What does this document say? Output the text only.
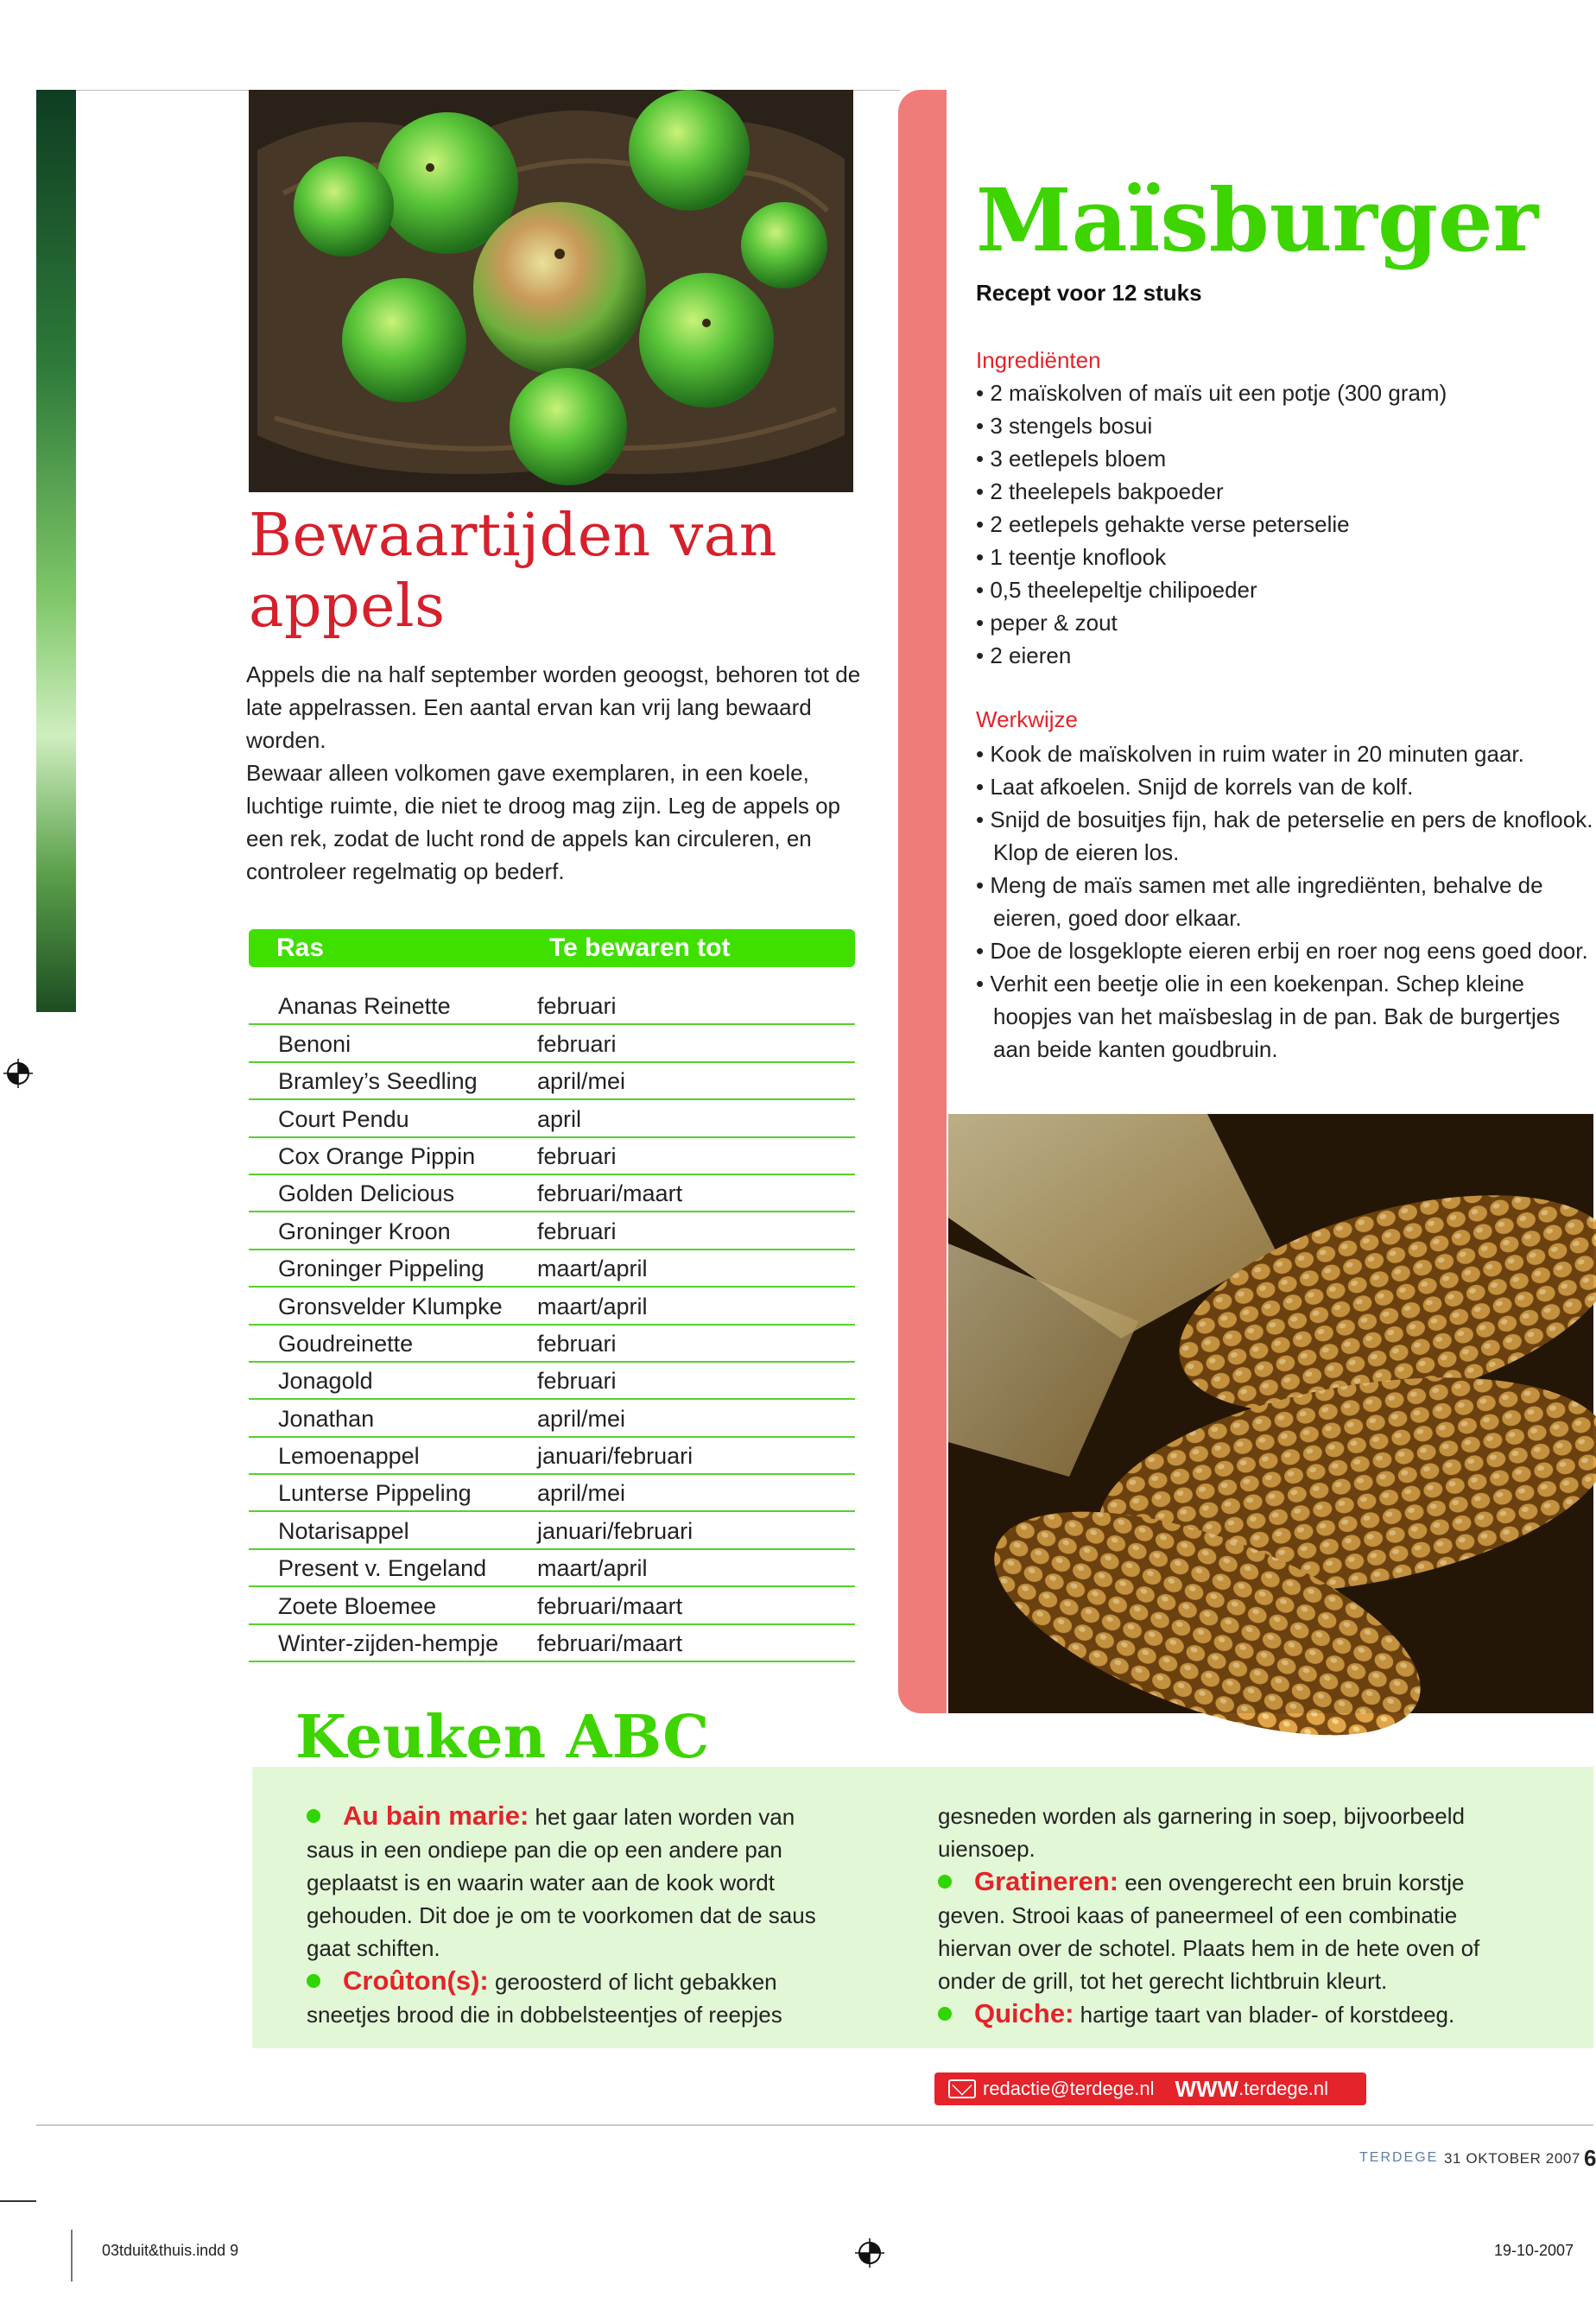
Bewaartijden van appels

Appels die na half september worden geoogst, behoren tot de late appelrassen. Een aantal ervan kan vrij lang bewaard worden.

Bewaar alleen volkomen gave exemplaren, in een koele, luchtige ruimte, die niet te droog mag zijn. Leg de appels op een rek, zodat de lucht rond de appels kan circuleren, en controleer regelmatig op bederf.

Ras	Te bewaren tot
Ananas Reinette	februari
Benoni	februari
Bramley’s Seedling	april/mei
Court Pendu	april
Cox Orange Pippin	februari
Golden Delicious	februari/maart
Groninger Kroon	februari
Groninger Pippeling	maart/april
Gronsvelder Klumpke	maart/april
Goudreinette	februari
Jonagold	februari
Jonathan	april/mei
Lemoenappel	januari/februari
Lunterse Pippeling	april/mei
Notarisappel	januari/februari
Present v. Engeland	maart/april
Zoete Bloemee	februari/maart
Winter-zijden-hempje	februari/maart
Maïsburger
Recept voor 12 stuks
Ingrediënten
• 2 maïskolven of maïs uit een potje (300 gram)
• 3 stengels bosui
• 3 eetlepels bloem
• 2 theelepels bakpoeder
• 2 eetlepels gehakte verse peterselie
• 1 teentje knoflook
• 0,5 theelepeltje chilipoeder
• peper & zout
• 2 eieren
Werkwijze
• Kook de maïskolven in ruim water in 20 minuten gaar.
• Laat afkoelen. Snijd de korrels van de kolf.
• Snijd de bosuitjes fijn, hak de peterselie en pers de knoflook. Klop de eieren los.
• Meng de maïs samen met alle ingrediënten, behalve de eieren, goed door elkaar.
• Doe de losgeklopte eieren erbij en roer nog eens goed door.
• Verhit een beetje olie in een koekenpan. Schep kleine hoopjes van het maïsbeslag in de pan. Bak de burgertjes aan beide kanten goudbruin.
Keuken ABC
Au bain marie: het gaar laten worden van saus in een ondiepe pan die op een andere pan geplaatst is en waarin water aan de kook wordt gehouden. Dit doe je om te voorkomen dat de saus gaat schiften.
Croûton(s): geroosterd of licht gebakken sneetjes brood die in dobbelsteentjes of reepjes
gesneden worden als garnering in soep, bijvoorbeeld uiensoep.
Gratineren: een ovengerecht een bruin korstje geven. Strooi kaas of paneermeel of een combinatie hiervan over de schotel. Plaats hem in de hete oven of onder de grill, tot het gerecht lichtbruin kleurt.
Quiche: hartige taart van blader- of korstdeeg.
redactie@terdege.nl WWW .terdege.nl
TERDEGE 31 OKTOBER 2007 6
03tduit&thuis.indd 9	19-10-2007
